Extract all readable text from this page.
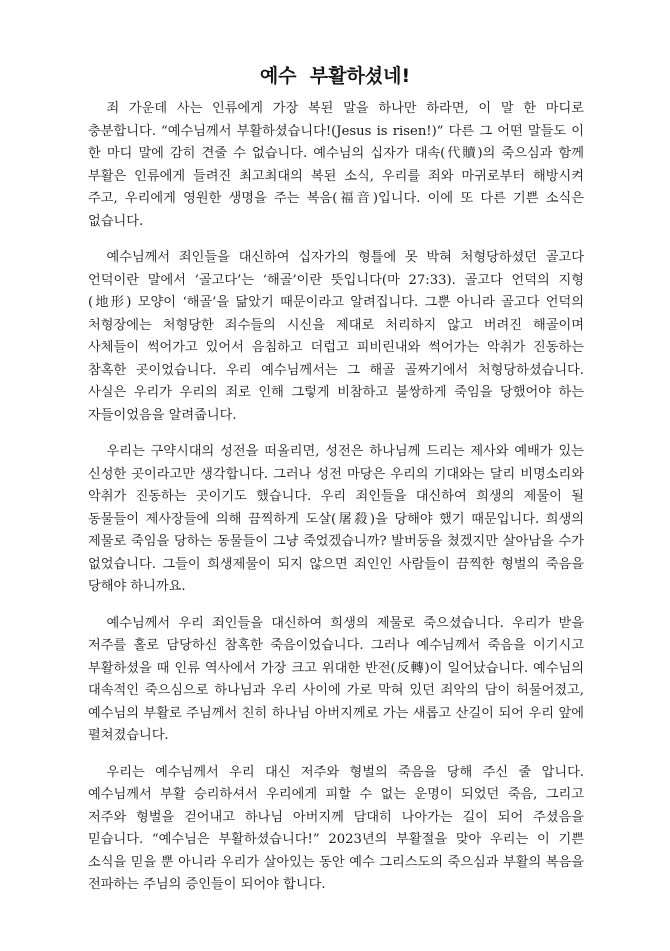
예수  부활하셨네!

죄 가운데 사는 인류에게 가장 복된 말을 하나만 하라면, 이 말 한 마디로 충분합니다. “예수님께서 부활하셨습니다!(Jesus is risen!)” 다른 그 어떤 말들도 이 한 마디 말에 감히 견줄 수 없습니다. 예수님의 십자가 대속(代贖)의 죽으심과 함께 부활은 인류에게 들려진 최고최대의 복된 소식, 우리를 죄와 마귀로부터 해방시켜 주고, 우리에게 영원한 생명을 주는 복음(福音)입니다. 이에 또 다른 기쁜 소식은 없습니다.

예수님께서 죄인들을 대신하여 십자가의 형틀에 못 박혀 처형당하셨던 골고다 언덕이란 말에서 ‘골고다’는 ‘해골’이란 뜻입니다(마 27:33). 골고다 언덕의 지형(地形) 모양이 ‘해골’을 닮았기 때문이라고 알려집니다. 그뿐 아니라 골고다 언덕의 처형장에는 처형당한 죄수들의 시신을 제대로 처리하지 않고 버려진 해골이며 사체들이 썩어가고 있어서 음침하고 더럽고 피비린내와 썩어가는 악취가 진동하는 참혹한 곳이었습니다. 우리 예수님께서는 그 해골 골짜기에서 처형당하셨습니다. 사실은 우리가 우리의 죄로 인해 그렇게 비참하고 불쌍하게 죽임을 당했어야 하는 자들이었음을 알려줍니다.

우리는 구약시대의 성전을 떠올리면, 성전은 하나님께 드리는 제사와 예배가 있는 신성한 곳이라고만 생각합니다. 그러나 성전 마당은 우리의 기대와는 달리 비명소리와 악취가 진동하는 곳이기도 했습니다. 우리 죄인들을 대신하여 희생의 제물이 될 동물들이 제사장들에 의해 끔찍하게 도살(屠殺)을 당해야 했기 때문입니다. 희생의 제물로 죽임을 당하는 동물들이 그냥 죽었겠습니까? 발버둥을 쳤겠지만 살아남을 수가 없었습니다. 그들이 희생제물이 되지 않으면 죄인인 사람들이 끔찍한 형벌의 죽음을 당해야 하니까요.

예수님께서 우리 죄인들을 대신하여 희생의 제물로 죽으셨습니다. 우리가 받을 저주를 홀로 담당하신 참혹한 죽음이었습니다. 그러나 예수님께서 죽음을 이기시고 부활하셨을 때 인류 역사에서 가장 크고 위대한 반전(反轉)이 일어났습니다. 예수님의 대속적인 죽으심으로 하나님과 우리 사이에 가로 막혀 있던 죄악의 담이 허물어졌고, 예수님의 부활로 주님께서 친히 하나님 아버지께로 가는 새롭고 산길이 되어 우리 앞에 펼쳐졌습니다.

우리는 예수님께서 우리 대신 저주와 형벌의 죽음을 당해 주신 줄 압니다. 예수님께서 부활 승리하셔서 우리에게 피할 수 없는 운명이 되었던 죽음, 그리고 저주와 형벌을 걷어내고 하나님 아버지께 담대히 나아가는 길이 되어 주셨음을 믿습니다. “예수님은 부활하셨습니다!” 2023년의 부활절을 맞아 우리는 이 기쁜 소식을 믿을 뿐 아니라 우리가 살아있는 동안 예수 그리스도의 죽으심과 부활의 복음을 전파하는 주님의 증인들이 되어야 합니다.
